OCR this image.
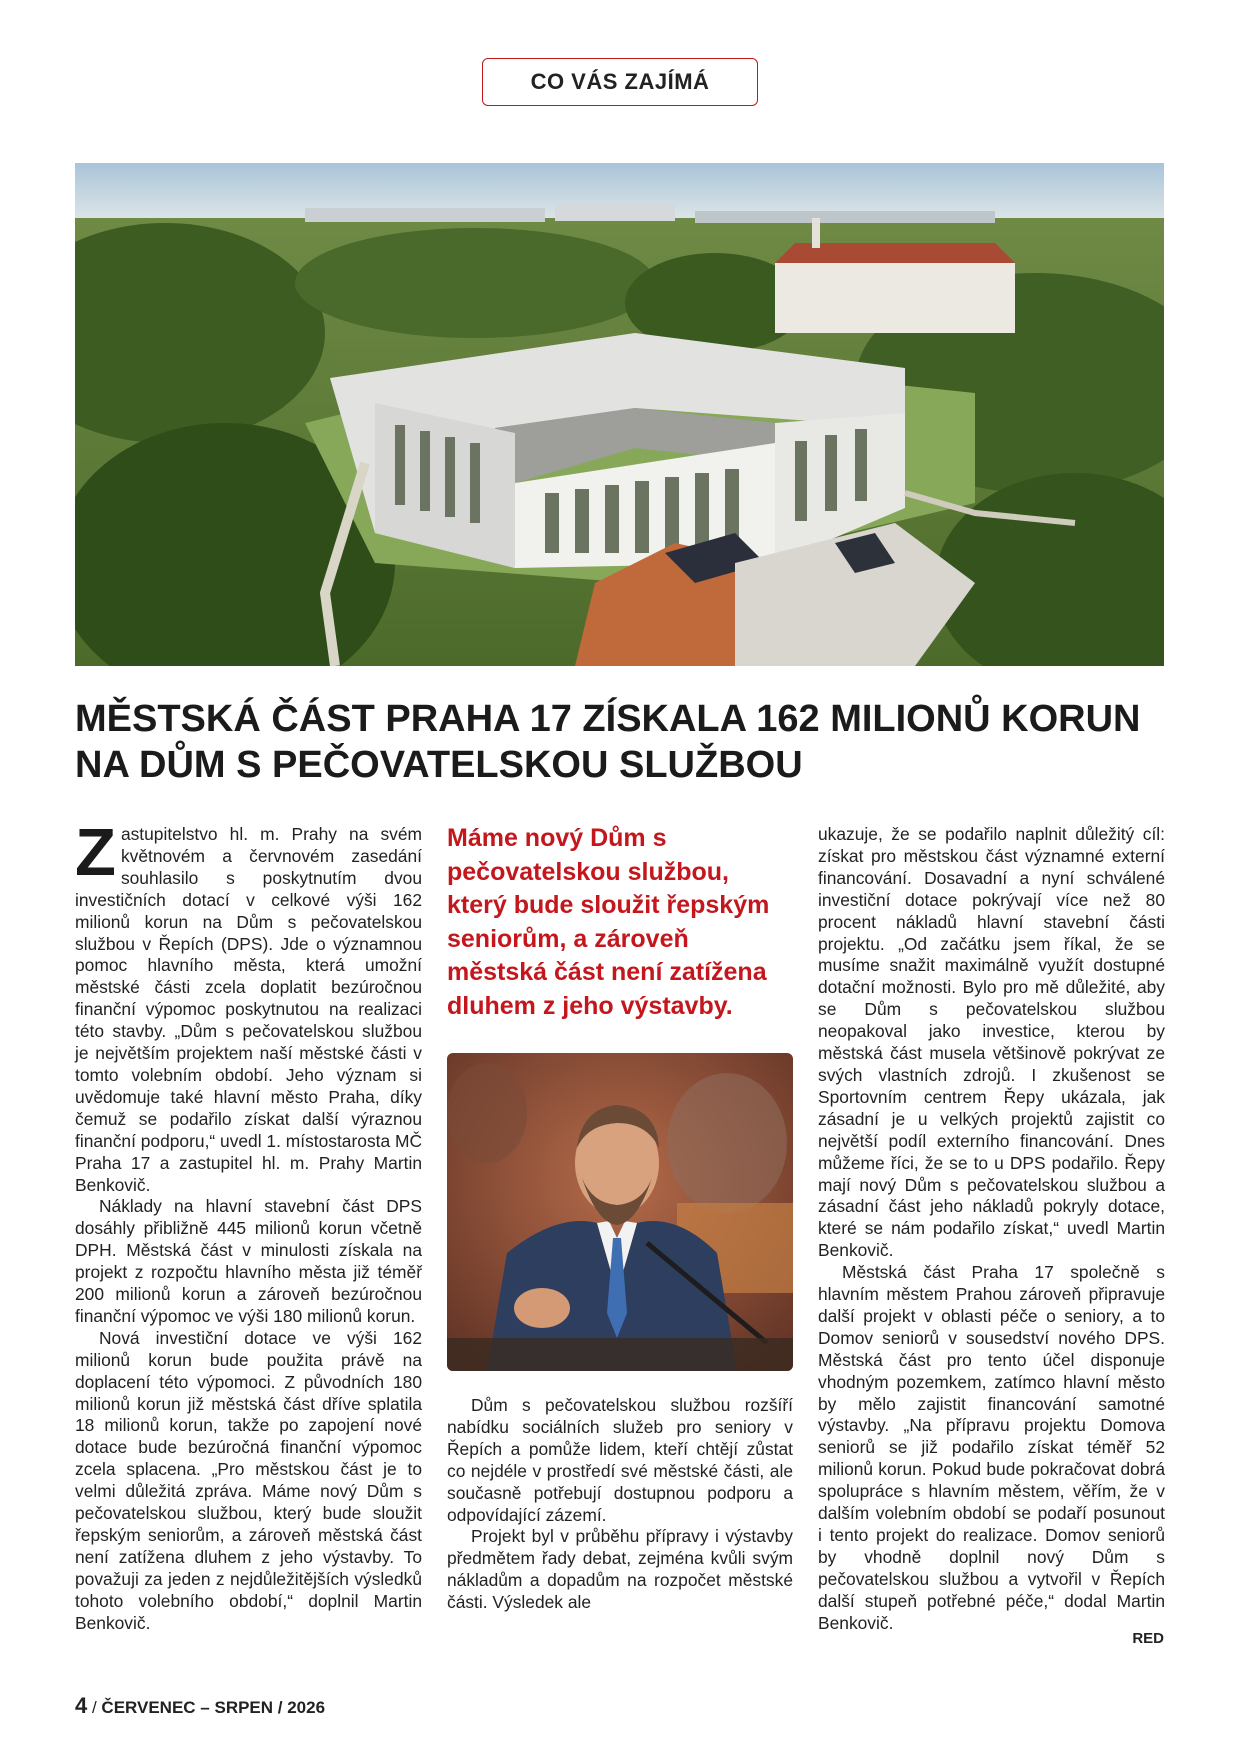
CO VÁS ZAJÍMÁ
MĚSTSKÁ ČÁST PRAHA 17 ZÍSKALA 162 MILIONŮ KORUN NA DŮM S PEČOVATELSKOU SLUŽBOU

Zastupitelstvo hl. m. Prahy na svém květnovém a červnovém zasedání souhlasilo s poskytnutím dvou investičních dotací v celkové výši 162 milionů korun na Dům s pečovatelskou službou v Řepích (DPS). Jde o významnou pomoc hlavního města, která umožní městské části zcela doplatit bezúročnou finanční výpomoc poskytnutou na realizaci této stavby. „Dům s pečovatelskou službou je největším projektem naší městské části v tomto volebním období. Jeho význam si uvědomuje také hlavní město Praha, díky čemuž se podařilo získat další výraznou finanční podporu,“ uvedl 1. místostarosta MČ Praha 17 a zastupitel hl. m. Prahy Martin Benkovič.

Náklady na hlavní stavební část DPS dosáhly přibližně 445 milionů korun včetně DPH. Městská část v minulosti získala na projekt z rozpočtu hlavního města již téměř 200 milionů korun a zároveň bezúročnou finanční výpomoc ve výši 180 milionů korun.

Nová investiční dotace ve výši 162 milionů korun bude použita právě na doplacení této výpomoci. Z původních 180 milionů korun již městská část dříve splatila 18 milionů korun, takže po zapojení nové dotace bude bezúročná finanční výpomoc zcela splacena. „Pro městskou část je to velmi důležitá zpráva. Máme nový Dům s pečovatelskou službou, který bude sloužit řepským seniorům, a zároveň městská část není zatížena dluhem z jeho výstavby. To považuji za jeden z nejdůležitějších výsledků tohoto volebního období,“ doplnil Martin Benkovič.

Máme nový Dům s pečovatelskou službou, který bude sloužit řepským seniorům, a zároveň městská část není zatížena dluhem z jeho výstavby.

Dům s pečovatelskou službou rozšíří nabídku sociálních služeb pro seniory v Řepích a pomůže lidem, kteří chtějí zůstat co nejdéle v prostředí své městské části, ale současně potřebují dostupnou podporu a odpovídající zázemí.

Projekt byl v průběhu přípravy i výstavby předmětem řady debat, zejména kvůli svým nákladům a dopadům na rozpočet městské části. Výsledek ale

ukazuje, že se podařilo naplnit důležitý cíl: získat pro městskou část významné externí financování. Dosavadní a nyní schválené investiční dotace pokrývají více než 80 procent nákladů hlavní stavební části projektu. „Od začátku jsem říkal, že se musíme snažit maximálně využít dostupné dotační možnosti. Bylo pro mě důležité, aby se Dům s pečovatelskou službou neopakoval jako investice, kterou by městská část musela většinově pokrývat ze svých vlastních zdrojů. I zkušenost se Sportovním centrem Řepy ukázala, jak zásadní je u velkých projektů zajistit co největší podíl externího financování. Dnes můžeme říci, že se to u DPS podařilo. Řepy mají nový Dům s pečovatelskou službou a zásadní část jeho nákladů pokryly dotace, které se nám podařilo získat,“ uvedl Martin Benkovič.

Městská část Praha 17 společně s hlavním městem Prahou zároveň připravuje další projekt v oblasti péče o seniory, a to Domov seniorů v sousedství nového DPS. Městská část pro tento účel disponuje vhodným pozemkem, zatímco hlavní město by mělo zajistit financování samotné výstavby. „Na přípravu projektu Domova seniorů se již podařilo získat téměř 52 milionů korun. Pokud bude pokračovat dobrá spolupráce s hlavním městem, věřím, že v dalším volebním období se podaří posunout i tento projekt do realizace. Domov seniorů by vhodně doplnil nový Dům s pečovatelskou službou a vytvořil v Řepích další stupeň potřebné péče,“ dodal Martin Benkovič.

RED
4 / ČERVENEC – SRPEN / 2026
